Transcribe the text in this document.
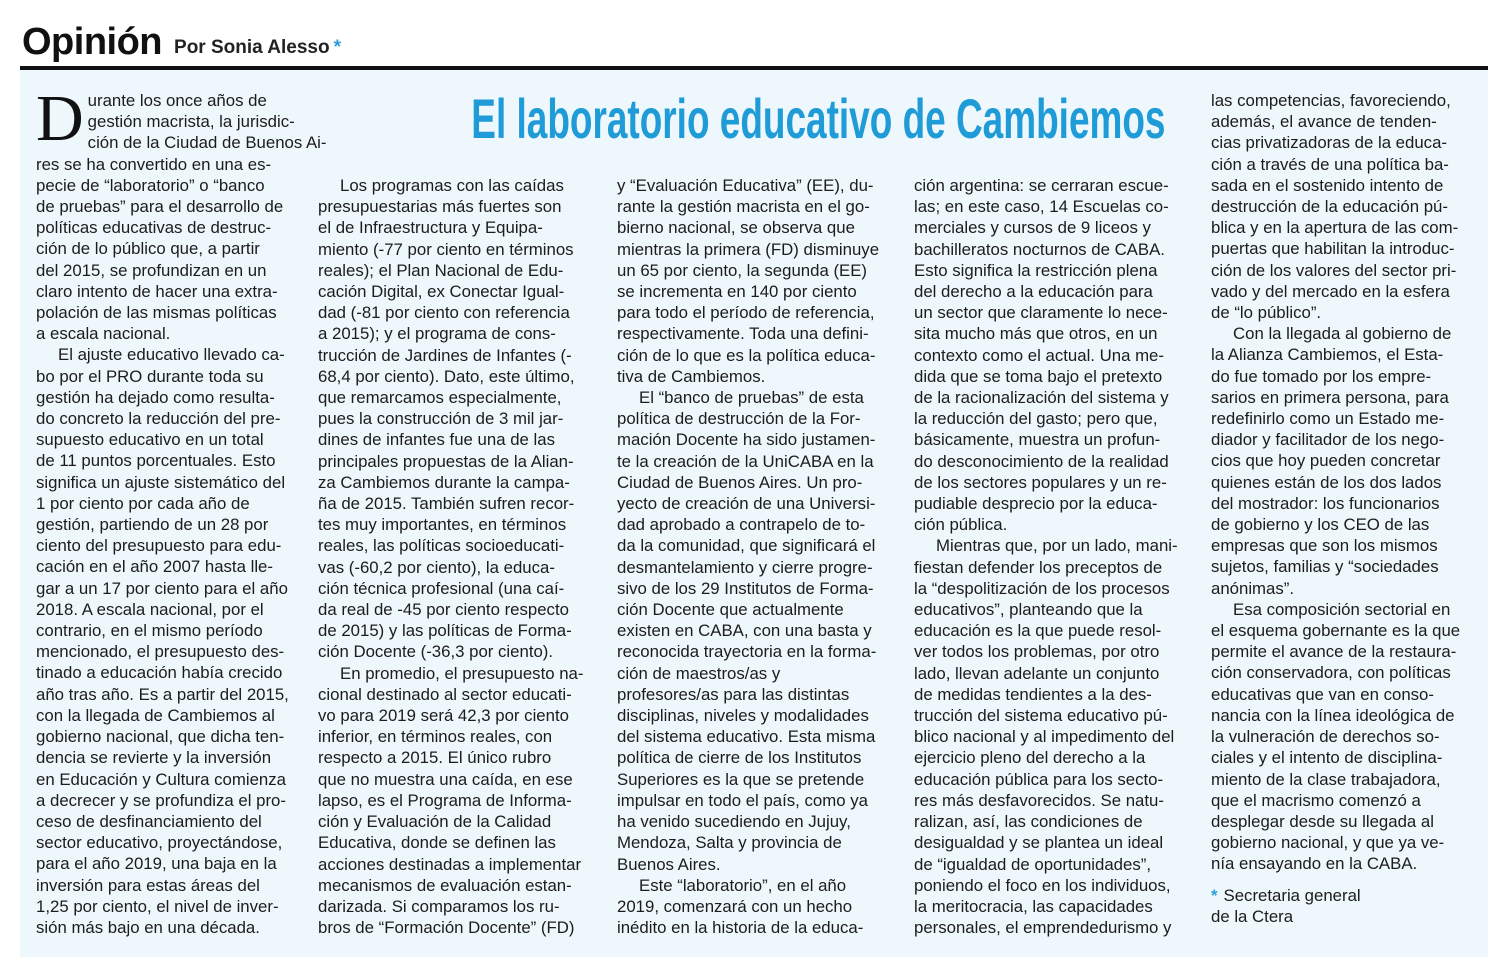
Opinión Por Sonia Alesso *
El laboratorio educativo de Cambiemos
D urante los once años de
gestión macrista, la jurisdic-
ción de la Ciudad de Buenos Ai-
res se ha convertido en una es-
pecie de “laboratorio” o “banco
de pruebas” para el desarrollo de
políticas educativas de destruc-
ción de lo público que, a partir
del 2015, se profundizan en un
claro intento de hacer una extra-
polación de las mismas políticas
a escala nacional.
El ajuste educativo llevado ca-
bo por el PRO durante toda su
gestión ha dejado como resulta-
do concreto la reducción del pre-
supuesto educativo en un total
de 11 puntos porcentuales. Esto
significa un ajuste sistemático del
1 por ciento por cada año de
gestión, partiendo de un 28 por
ciento del presupuesto para edu-
cación en el año 2007 hasta lle-
gar a un 17 por ciento para el año
2018. A escala nacional, por el
contrario, en el mismo período
mencionado, el presupuesto des-
tinado a educación había crecido
año tras año. Es a partir del 2015,
con la llegada de Cambiemos al
gobierno nacional, que dicha ten-
dencia se revierte y la inversión
en Educación y Cultura comienza
a decrecer y se profundiza el pro-
ceso de desfinanciamiento del
sector educativo, proyectándose,
para el año 2019, una baja en la
inversión para estas áreas del
1,25 por ciento, el nivel de inver-
sión más bajo en una década.
Los programas con las caídas
presupuestarias más fuertes son
el de Infraestructura y Equipa-
miento (-77 por ciento en términos
reales); el Plan Nacional de Edu-
cación Digital, ex Conectar Igual-
dad (-81 por ciento con referencia
a 2015); y el programa de cons-
trucción de Jardines de Infantes (-
68,4 por ciento). Dato, este último,
que remarcamos especialmente,
pues la construcción de 3 mil jar-
dines de infantes fue una de las
principales propuestas de la Alian-
za Cambiemos durante la campa-
ña de 2015. También sufren recor-
tes muy importantes, en términos
reales, las políticas socioeducati-
vas (-60,2 por ciento), la educa-
ción técnica profesional (una caí-
da real de -45 por ciento respecto
de 2015) y las políticas de Forma-
ción Docente (-36,3 por ciento).
En promedio, el presupuesto na-
cional destinado al sector educati-
vo para 2019 será 42,3 por ciento
inferior, en términos reales, con
respecto a 2015. El único rubro
que no muestra una caída, en ese
lapso, es el Programa de Informa-
ción y Evaluación de la Calidad
Educativa, donde se definen las
acciones destinadas a implementar
mecanismos de evaluación estan-
darizada. Si comparamos los ru-
bros de “Formación Docente” (FD)
y “Evaluación Educativa” (EE), du-
rante la gestión macrista en el go-
bierno nacional, se observa que
mientras la primera (FD) disminuye
un 65 por ciento, la segunda (EE)
se incrementa en 140 por ciento
para todo el período de referencia,
respectivamente. Toda una defini-
ción de lo que es la política educa-
tiva de Cambiemos.
El “banco de pruebas” de esta
política de destrucción de la For-
mación Docente ha sido justamen-
te la creación de la UniCABA en la
Ciudad de Buenos Aires. Un pro-
yecto de creación de una Universi-
dad aprobado a contrapelo de to-
da la comunidad, que significará el
desmantelamiento y cierre progre-
sivo de los 29 Institutos de Forma-
ción Docente que actualmente
existen en CABA, con una basta y
reconocida trayectoria en la forma-
ción de maestros/as y
profesores/as para las distintas
disciplinas, niveles y modalidades
del sistema educativo. Esta misma
política de cierre de los Institutos
Superiores es la que se pretende
impulsar en todo el país, como ya
ha venido sucediendo en Jujuy,
Mendoza, Salta y provincia de
Buenos Aires.
Este “laboratorio”, en el año
2019, comenzará con un hecho
inédito en la historia de la educa-
ción argentina: se cerraran escue-
las; en este caso, 14 Escuelas co-
merciales y cursos de 9 liceos y
bachilleratos nocturnos de CABA.
Esto significa la restricción plena
del derecho a la educación para
un sector que claramente lo nece-
sita mucho más que otros, en un
contexto como el actual. Una me-
dida que se toma bajo el pretexto
de la racionalización del sistema y
la reducción del gasto; pero que,
básicamente, muestra un profun-
do desconocimiento de la realidad
de los sectores populares y un re-
pudiable desprecio por la educa-
ción pública.
Mientras que, por un lado, mani-
fiestan defender los preceptos de
la “despolitización de los procesos
educativos”, planteando que la
educación es la que puede resol-
ver todos los problemas, por otro
lado, llevan adelante un conjunto
de medidas tendientes a la des-
trucción del sistema educativo pú-
blico nacional y al impedimento del
ejercicio pleno del derecho a la
educación pública para los secto-
res más desfavorecidos. Se natu-
ralizan, así, las condiciones de
desigualdad y se plantea un ideal
de “igualdad de oportunidades”,
poniendo el foco en los individuos,
la meritocracia, las capacidades
personales, el emprendedurismo y
las competencias, favoreciendo,
además, el avance de tenden-
cias privatizadoras de la educa-
ción a través de una política ba-
sada en el sostenido intento de
destrucción de la educación pú-
blica y en la apertura de las com-
puertas que habilitan la introduc-
ción de los valores del sector pri-
vado y del mercado en la esfera
de “lo público”.
Con la llegada al gobierno de
la Alianza Cambiemos, el Esta-
do fue tomado por los empre-
sarios en primera persona, para
redefinirlo como un Estado me-
diador y facilitador de los nego-
cios que hoy pueden concretar
quienes están de los dos lados
del mostrador: los funcionarios
de gobierno y los CEO de las
empresas que son los mismos
sujetos, familias y “sociedades
anónimas”.
Esa composición sectorial en
el esquema gobernante es la que
permite el avance de la restaura-
ción conservadora, con políticas
educativas que van en conso-
nancia con la línea ideológica de
la vulneración de derechos so-
ciales y el intento de disciplina-
miento de la clase trabajadora,
que el macrismo comenzó a
desplegar desde su llegada al
gobierno nacional, y que ya ve-
nía ensayando en la CABA.
* Secretaria general
de la Ctera
